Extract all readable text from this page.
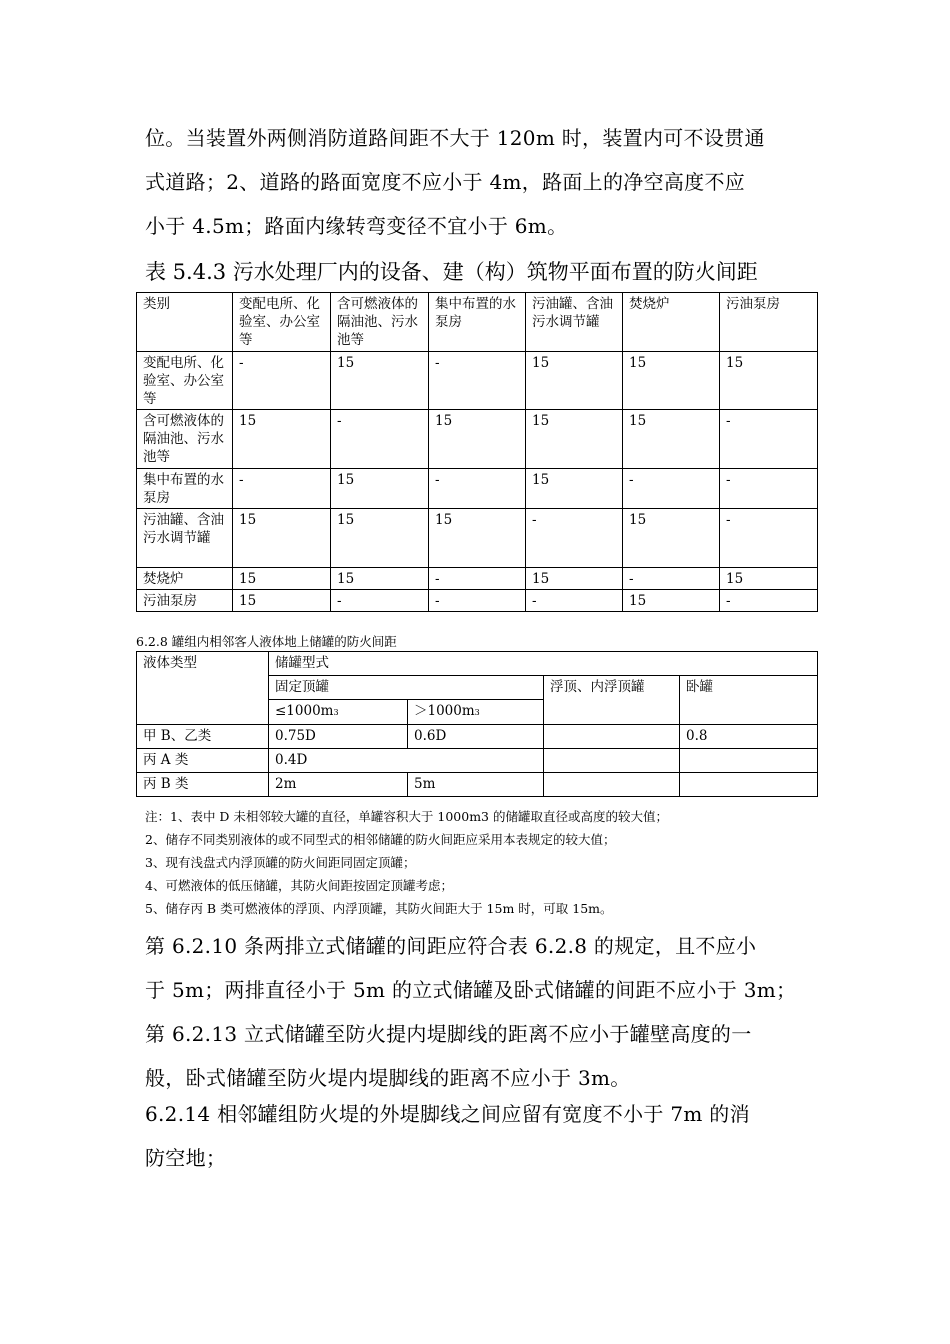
位。当装置外两侧消防道路间距不大于 120m 时，装置内可不设贯通
式道路；2、道路的路面宽度不应小于 4m，路面上的净空高度不应
小于 4.5m；路面内缘转弯变径不宜小于 6m。
表 5.4.3 污水处理厂内的设备、建（构）筑物平面布置的防火间距
类别	变配电所、化验室、办公室等	含可燃液体的隔油池、污水池等	集中布置的水泵房	污油罐、含油污水调节罐	焚烧炉	污油泵房
变配电所、化验室、办公室等	-	15	-	15	15	15
含可燃液体的隔油池、污水池等	15	-	15	15	15	-
集中布置的水泵房	-	15	-	15	-	-
污油罐、含油污水调节罐	15	15	15	-	15	-
焚烧炉	15	15	-	15	-	15
污油泵房	15	-	-	-	15	-
6.2.8 罐组内相邻客人液体地上储罐的防火间距
液体类型	储罐型式			
	固定顶罐		浮顶、内浮顶罐	卧罐
	≤1000m3	＞1000m3		
甲 B、乙类	0.75D	0.6D		0.8
丙 A 类	0.4D			
丙 B 类	2m	5m		
注：1、表中 D 未相邻较大罐的直径，单罐容积大于 1000m3 的储罐取直径或高度的较大值；
2、储存不同类别液体的或不同型式的相邻储罐的防火间距应采用本表规定的较大值；
3、现有浅盘式内浮顶罐的防火间距同固定顶罐；
4、可燃液体的低压储罐，其防火间距按固定顶罐考虑；
5、储存丙 B 类可燃液体的浮顶、内浮顶罐，其防火间距大于 15m 时，可取 15m。
第 6.2.10 条两排立式储罐的间距应符合表 6.2.8 的规定，且不应小
于 5m；两排直径小于 5m 的立式储罐及卧式储罐的间距不应小于 3m；
第 6.2.13 立式储罐至防火提内堤脚线的距离不应小于罐壁高度的一
般，卧式储罐至防火堤内堤脚线的距离不应小于 3m。
6.2.14 相邻罐组防火堤的外堤脚线之间应留有宽度不小于 7m 的消
防空地；
